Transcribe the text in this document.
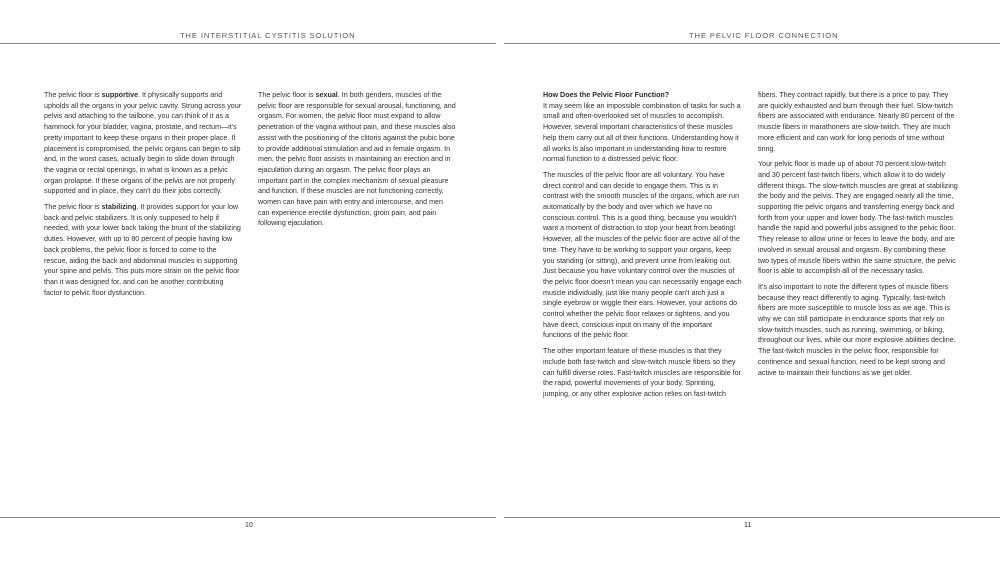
THE INTERSTITIAL CYSTITIS SOLUTION

The pelvic floor is supportive. It physically supports and upholds all the organs in your pelvic cavity. Strung across your pelvis and attaching to the tailbone, you can think of it as a hammock for your bladder, vagina, prostate, and rectum—it's pretty important to keep these organs in their proper place. If placement is compromised, the pelvic organs can begin to slip and, in the worst cases, actually begin to slide down through the vagina or rectal openings, in what is known as a pelvic organ prolapse. If these organs of the pelvis are not properly supported and in place, they can't do their jobs correctly.

The pelvic floor is stabilizing. It provides support for your low back and pelvic stabilizers. It is only supposed to help if needed, with your lower back taking the brunt of the stabilizing duties. However, with up to 80 percent of people having low back problems, the pelvic floor is forced to come to the rescue, aiding the back and abdominal muscles in supporting your spine and pelvis. This puts more strain on the pelvic floor than it was designed for, and can be another contributing factor to pelvic floor dysfunction.

The pelvic floor is sexual. In both genders, muscles of the pelvic floor are responsible for sexual arousal, functioning, and orgasm. For women, the pelvic floor must expand to allow penetration of the vagina without pain, and these muscles also assist with the positioning of the clitoris against the pubic bone to provide additional stimulation and aid in female orgasm. In men, the pelvic floor assists in maintaining an erection and in ejaculation during an orgasm. The pelvic floor plays an important part in the complex mechanism of sexual pleasure and function. If these muscles are not functioning correctly, women can have pain with entry and intercourse, and men can experience erectile dysfunction, groin pain, and pain following ejaculation.

10
THE PELVIC FLOOR CONNECTION
How Does the Pelvic Floor Function?

It may seem like an impossible combination of tasks for such a small and often-overlooked set of muscles to accomplish. However, several important characteristics of these muscles help them carry out all of their functions. Understanding how it all works is also important in understanding how to restore normal function to a distressed pelvic floor.

The muscles of the pelvic floor are all voluntary. You have direct control and can decide to engage them. This is in contrast with the smooth muscles of the organs, which are run automatically by the body and over which we have no conscious control. This is a good thing, because you wouldn't want a moment of distraction to stop your heart from beating! However, all the muscles of the pelvic floor are active all of the time. They have to be working to support your organs, keep you standing (or sitting), and prevent urine from leaking out. Just because you have voluntary control over the muscles of the pelvic floor doesn't mean you can necessarily engage each muscle individually, just like many people can't arch just a single eyebrow or wiggle their ears. However, your actions do control whether the pelvic floor relaxes or tightens, and you have direct, conscious input on many of the important functions of the pelvic floor.

The other important feature of these muscles is that they include both fast-twitch and slow-twitch muscle fibers so they can fulfill diverse roles. Fast-twitch muscles are responsible for the rapid, powerful movements of your body. Sprinting, jumping, or any other explosive action relies on fast-twitch

fibers. They contract rapidly, but there is a price to pay. They are quickly exhausted and burn through their fuel. Slow-twitch fibers are associated with endurance. Nearly 80 percent of the muscle fibers in marathoners are slow-twitch. They are much more efficient and can work for long periods of time without tiring.

Your pelvic floor is made up of about 70 percent slow-twitch and 30 percent fast-twitch fibers, which allow it to do widely different things. The slow-twitch muscles are great at stabilizing the body and the pelvis. They are engaged nearly all the time, supporting the pelvic organs and transferring energy back and forth from your upper and lower body. The fast-twitch muscles handle the rapid and powerful jobs assigned to the pelvic floor. They release to allow urine or feces to leave the body, and are involved in sexual arousal and orgasm. By combining these two types of muscle fibers within the same structure, the pelvic floor is able to accomplish all of the necessary tasks.

It's also important to note the different types of muscle fibers because they react differently to aging. Typically, fast-twitch fibers are more susceptible to muscle loss as we age. This is why we can still participate in endurance sports that rely on slow-twitch muscles, such as running, swimming, or biking, throughout our lives, while our more explosive abilities decline. The fast-twitch muscles in the pelvic floor, responsible for continence and sexual function, need to be kept strong and active to maintain their functions as we get older.

11
